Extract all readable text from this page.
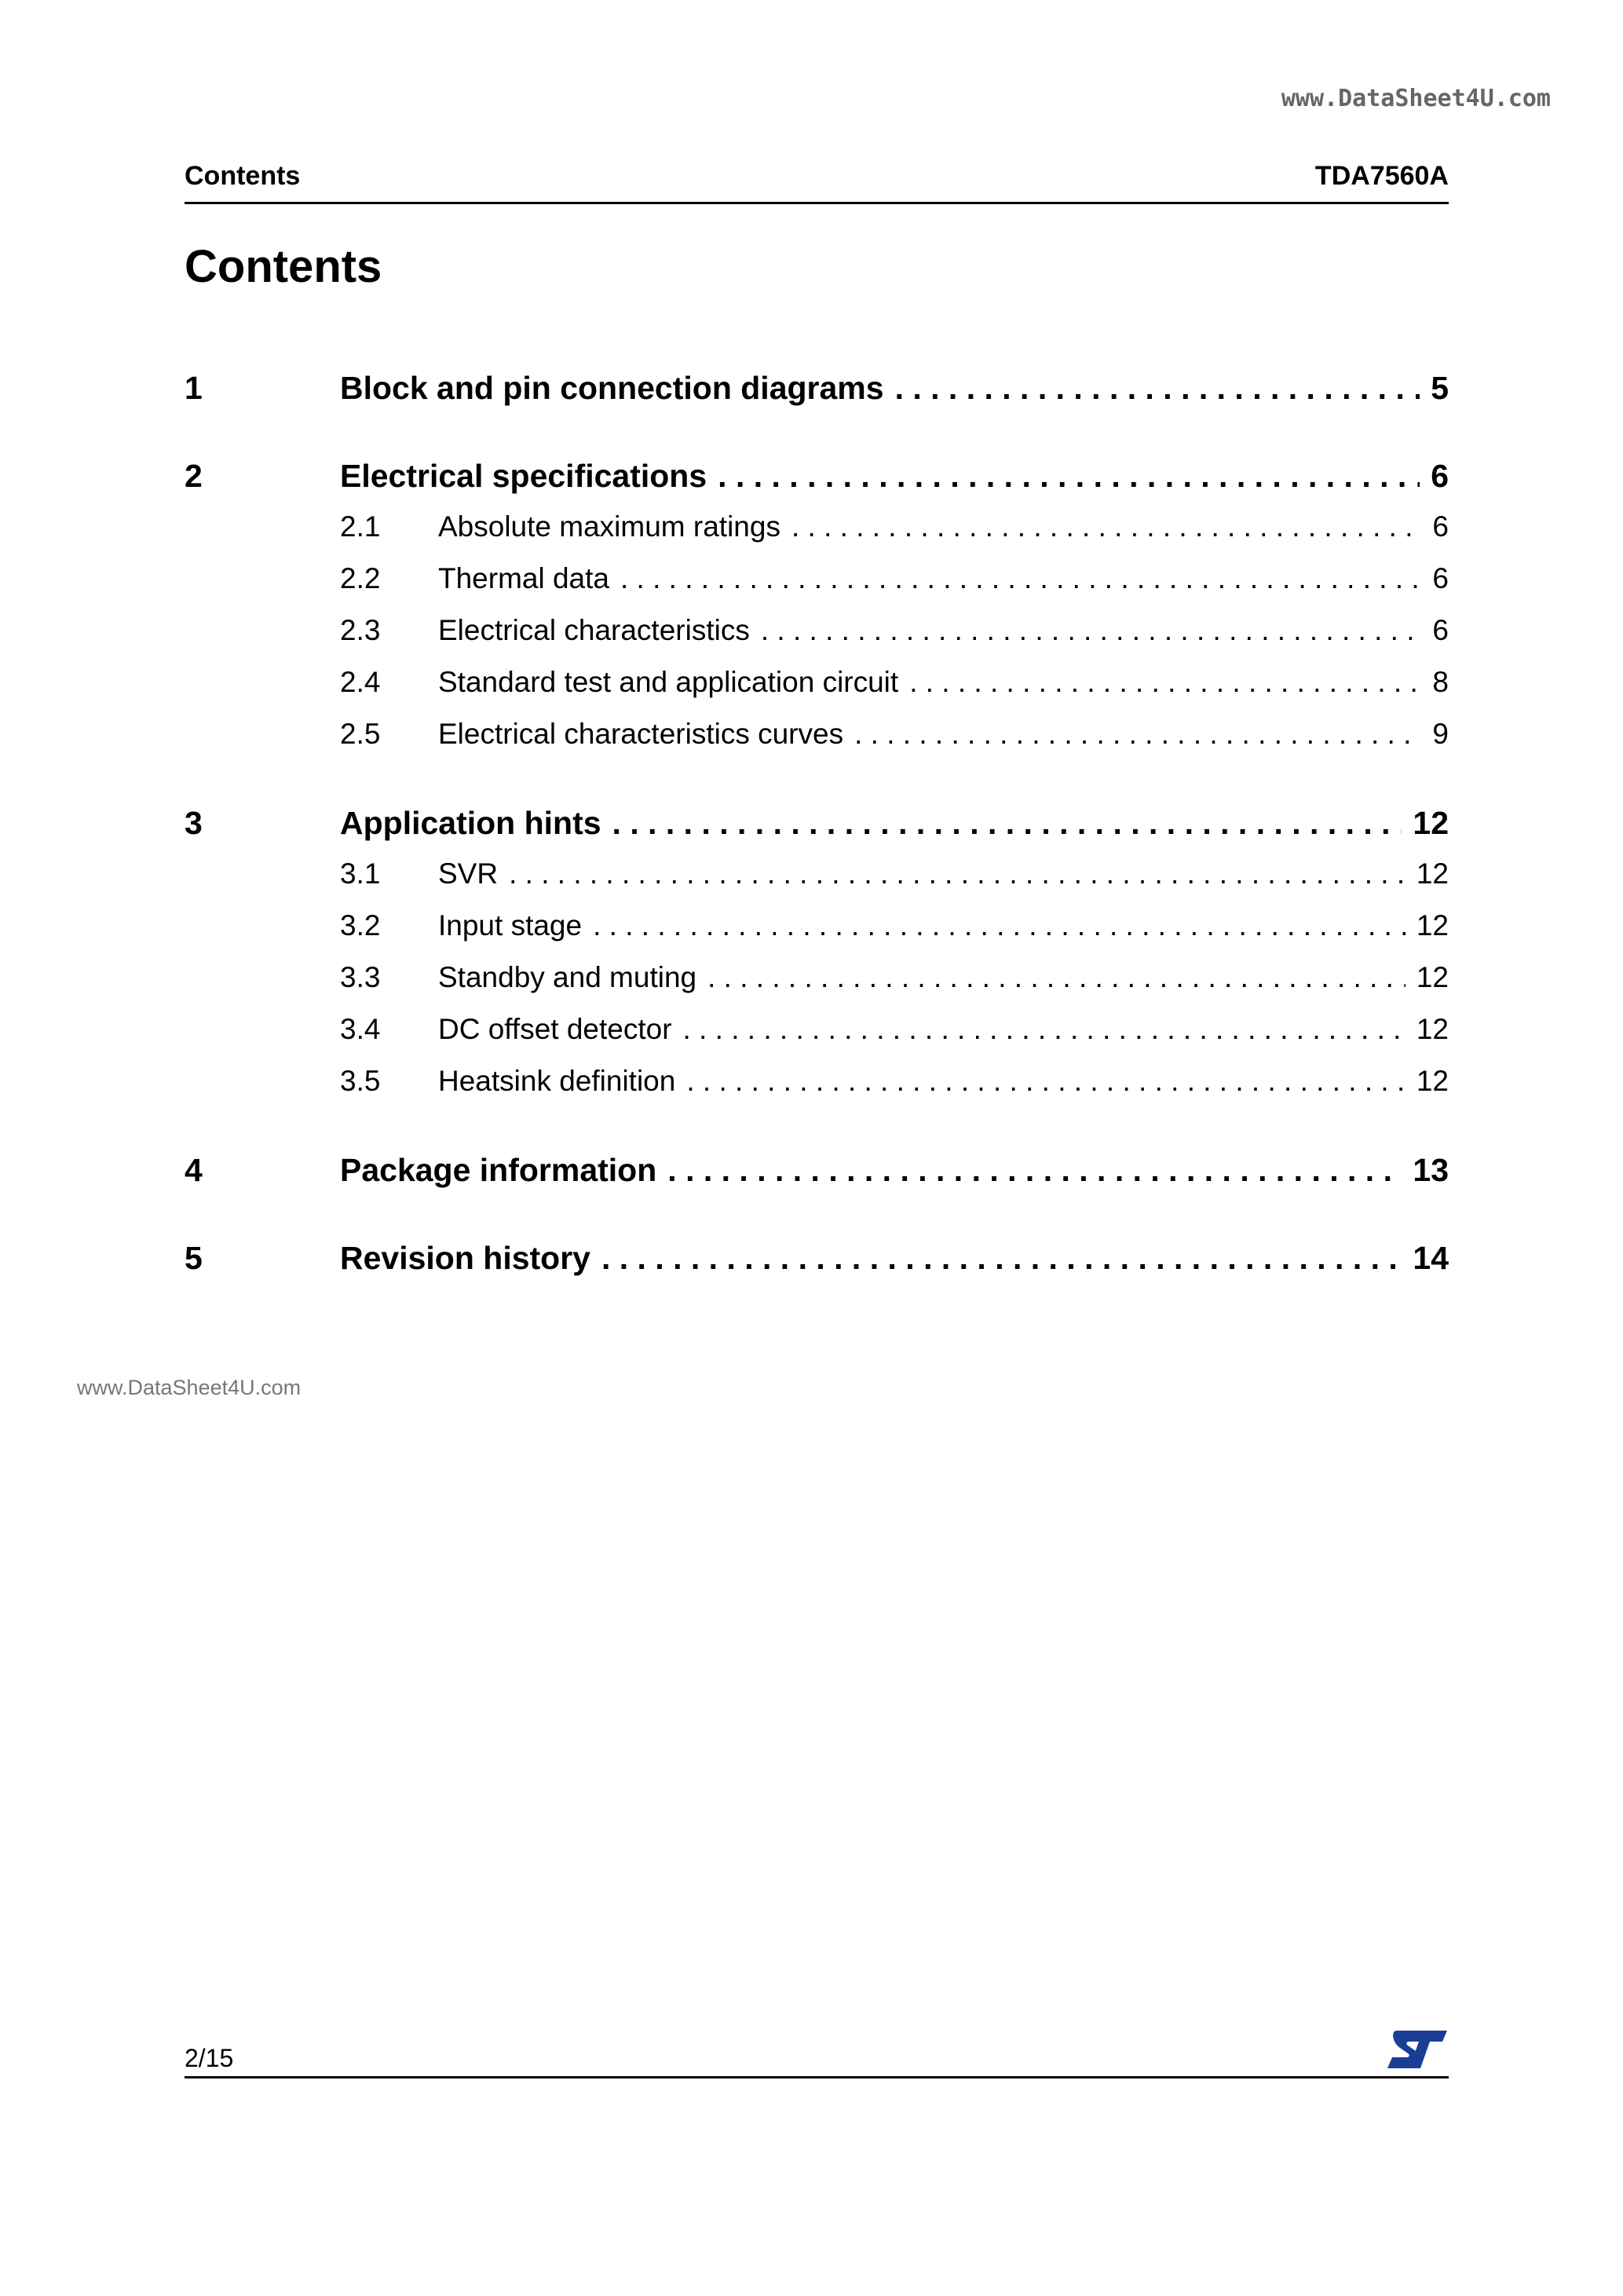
www.DataSheet4U.com
Contents	TDA7560A
Contents
1	Block and pin connection diagrams . . .	5
2	Electrical specifications . . .	6
2.1	Absolute maximum ratings . . .	6
2.2	Thermal data . . .	6
2.3	Electrical characteristics . . .	6
2.4	Standard test and application circuit . . .	8
2.5	Electrical characteristics curves . . .	9
3	Application hints . . .	12
3.1	SVR . . .	12
3.2	Input stage . . .	12
3.3	Standby and muting . . .	12
3.4	DC offset detector . . .	12
3.5	Heatsink definition . . .	12
4	Package information . . .	13
5	Revision history . . .	14
www.DataSheet4U.com
2/15
